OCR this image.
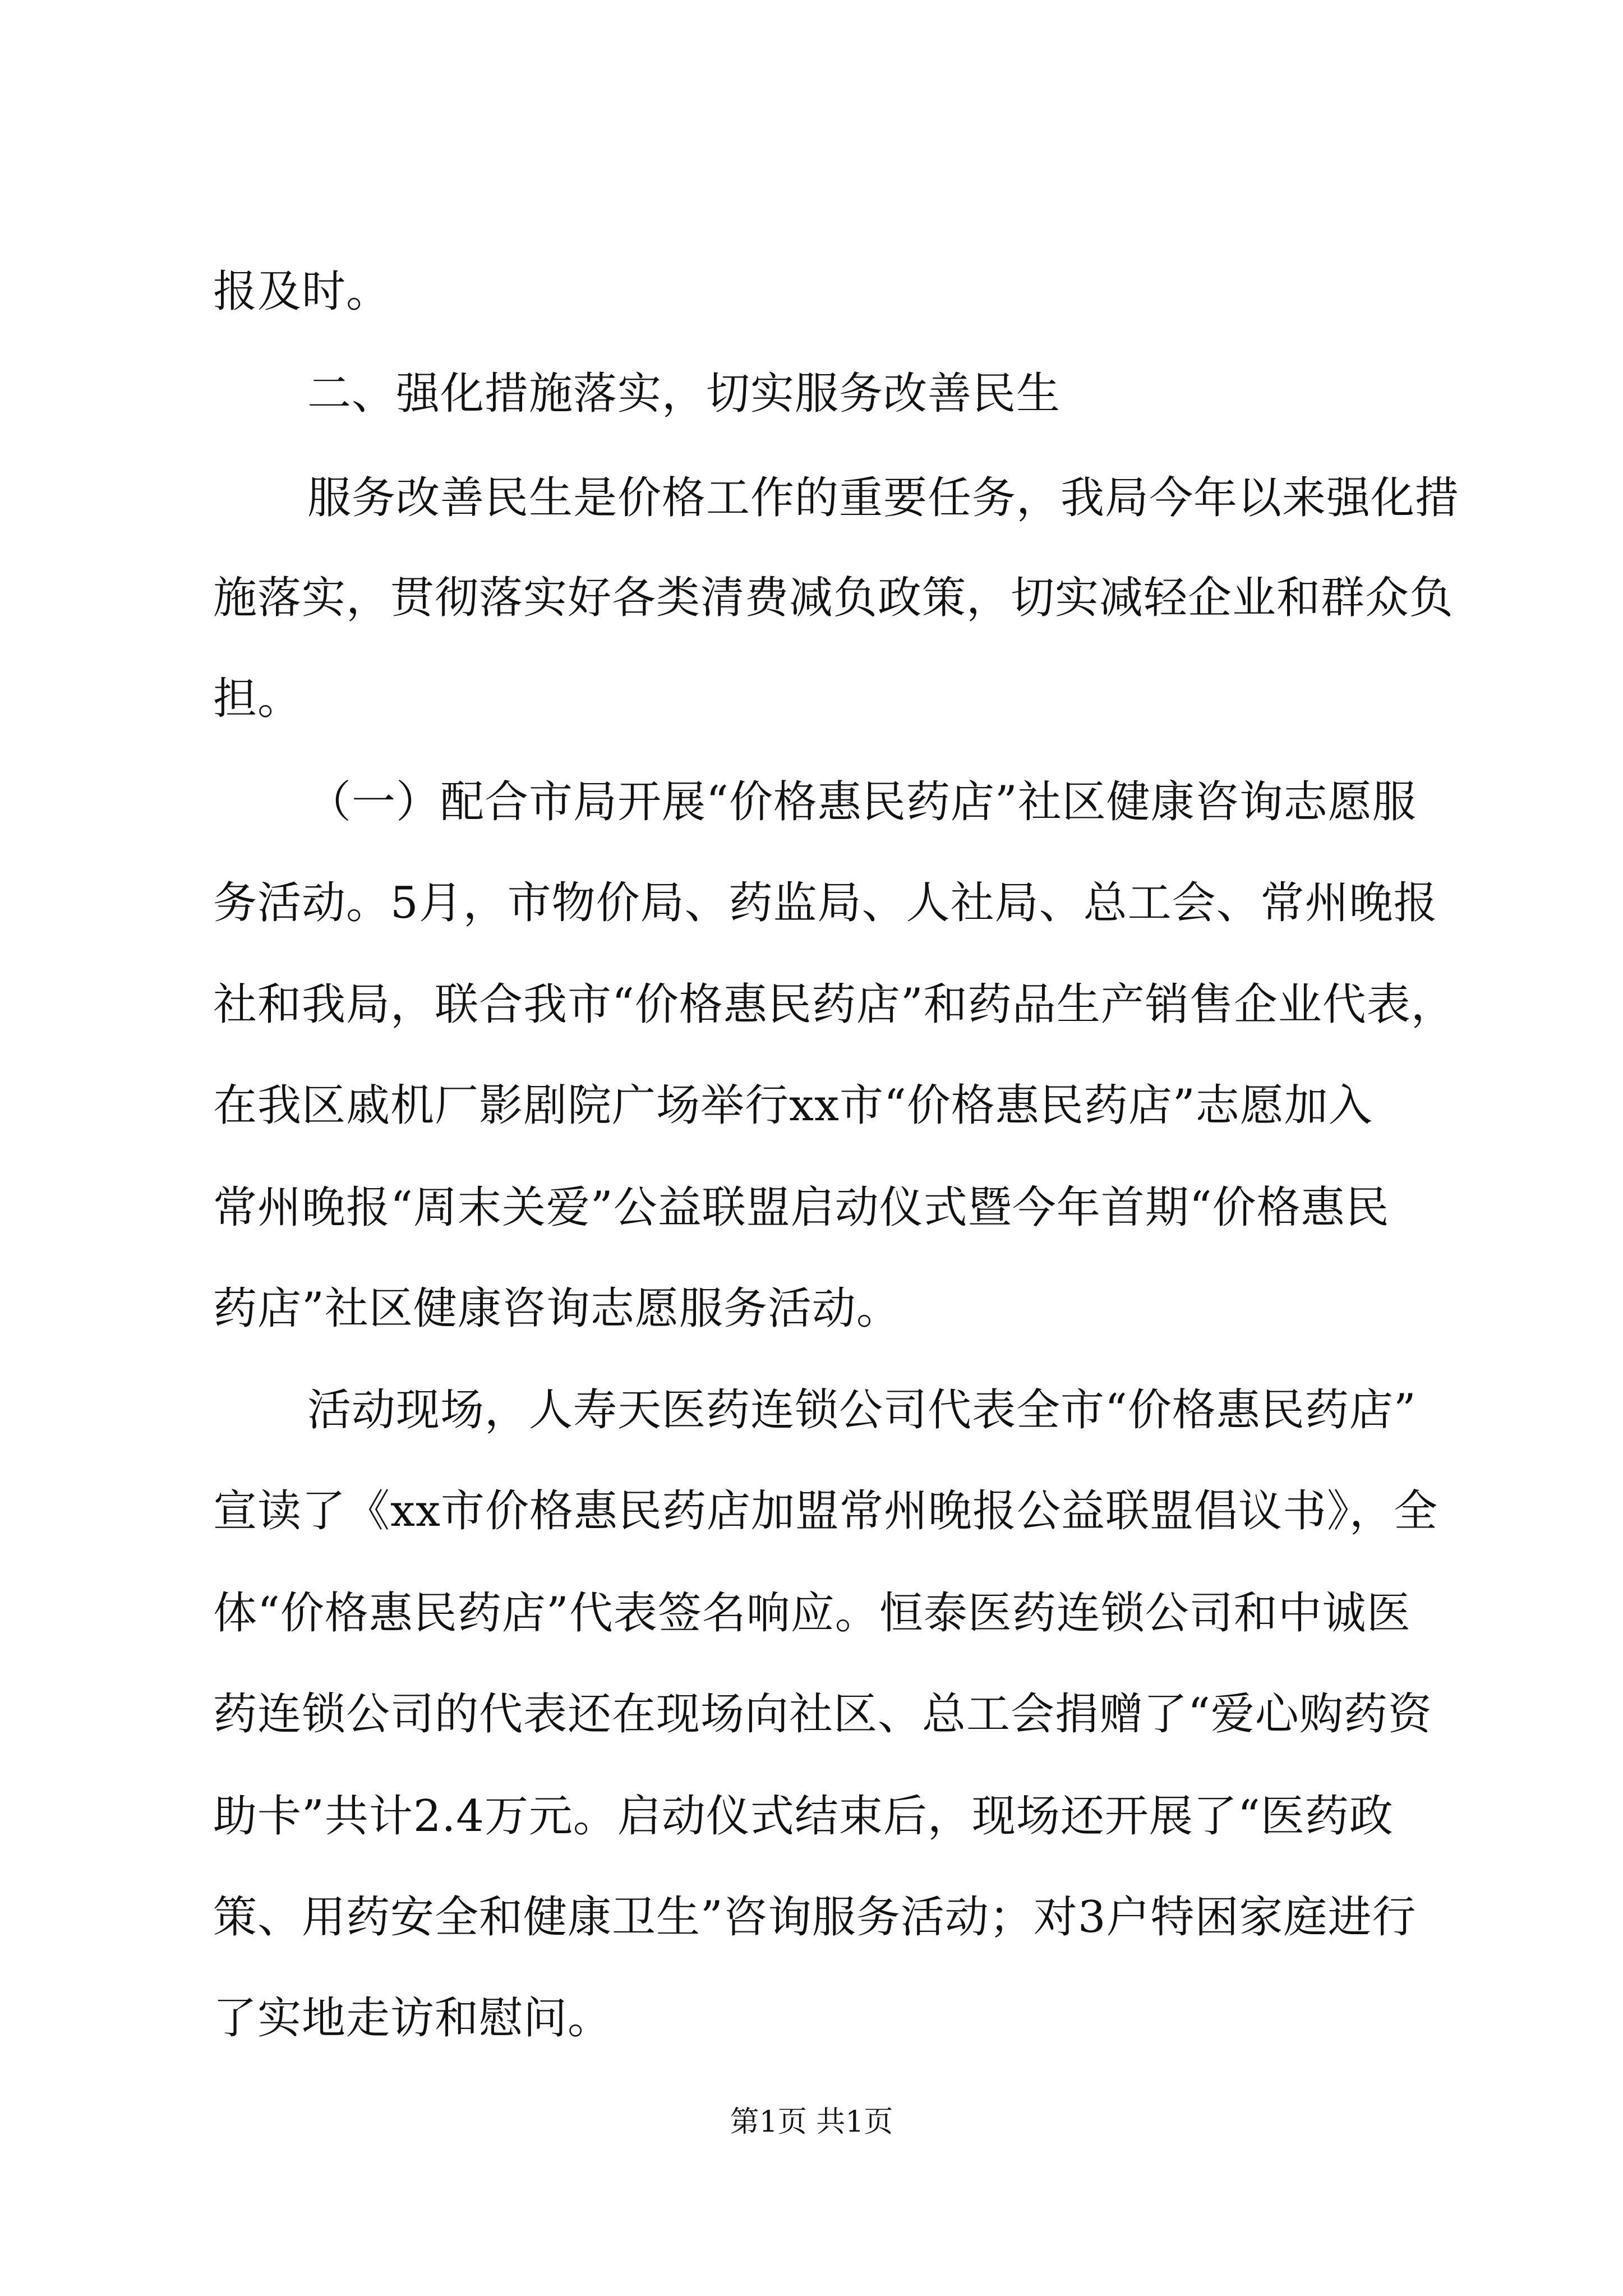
报及时。
二、强化措施落实，切实服务改善民生
服务改善民生是价格工作的重要任务，我局今年以来强化措
施落实，贯彻落实好各类清费减负政策，切实减轻企业和群众负
担。
（一）配合市局开展“价格惠民药店”社区健康咨询志愿服
务活动。5月，市物价局、药监局、人社局、总工会、常州晚报
社和我局，联合我市“价格惠民药店”和药品生产销售企业代表，
在我区戚机厂影剧院广场举行xx市“价格惠民药店”志愿加入
常州晚报“周末关爱”公益联盟启动仪式暨今年首期“价格惠民
药店”社区健康咨询志愿服务活动。
活动现场，人寿天医药连锁公司代表全市“价格惠民药店”
宣读了《xx市价格惠民药店加盟常州晚报公益联盟倡议书》，全
体“价格惠民药店”代表签名响应。恒泰医药连锁公司和中诚医
药连锁公司的代表还在现场向社区、总工会捐赠了“爱心购药资
助卡”共计2.4万元。启动仪式结束后，现场还开展了“医药政
策、用药安全和健康卫生”咨询服务活动；对3户特困家庭进行
了实地走访和慰问。
第1页 共1页
